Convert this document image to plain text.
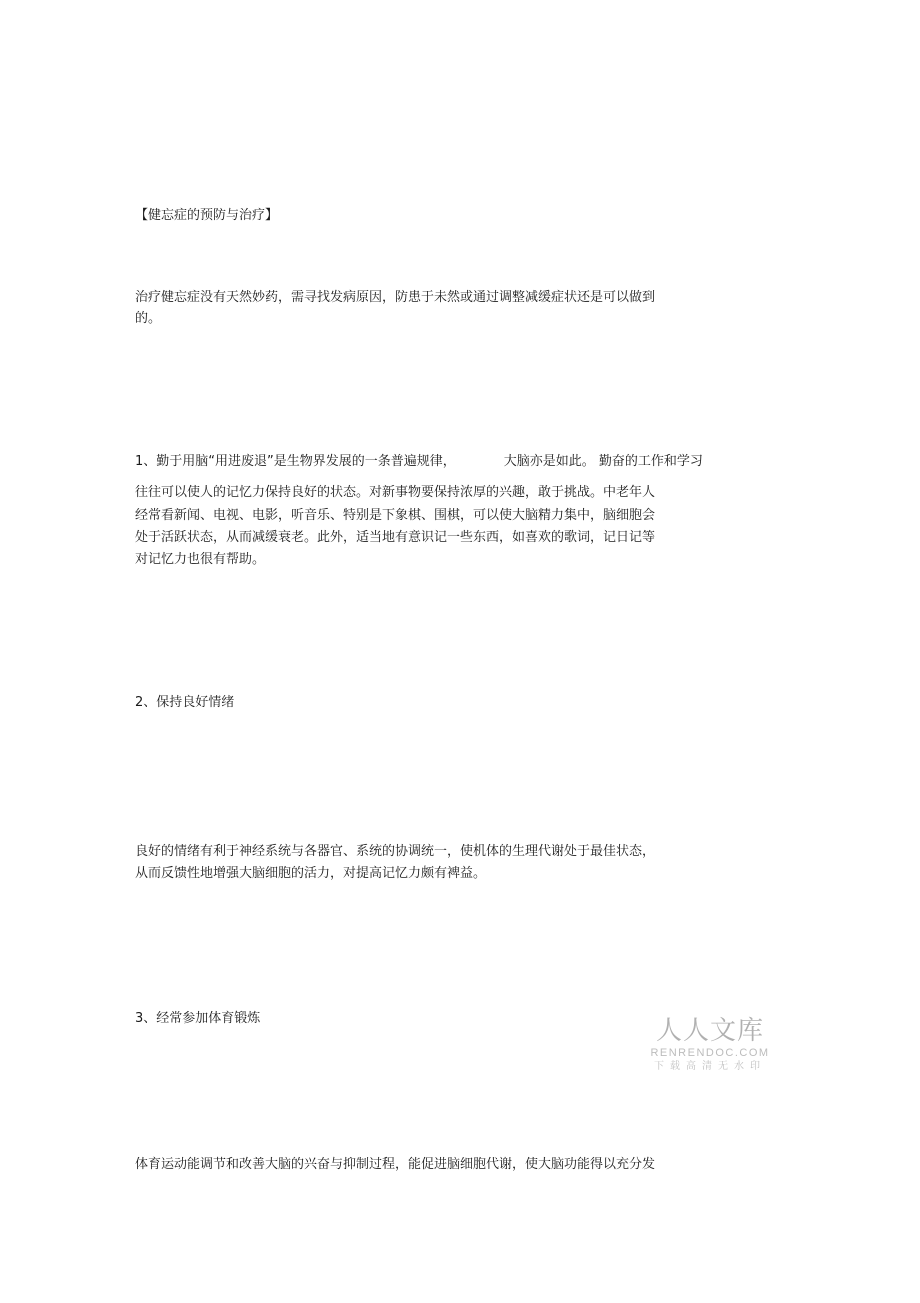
【健忘症的预防与治疗】
治疗健忘症没有天然妙药，需寻找发病原因，防患于未然或通过调整减缓症状还是可以做到
的。
1、勤于用脑“用进废退”是生物界发展的一条普遍规律，	大脑亦是如此。 勤奋的工作和学习
往往可以使人的记忆力保持良好的状态。对新事物要保持浓厚的兴趣，敢于挑战。中老年人
经常看新闻、电视、电影，听音乐、特别是下象棋、围棋，可以使大脑精力集中，脑细胞会
处于活跃状态，从而减缓衰老。此外，适当地有意识记一些东西，如喜欢的歌词，记日记等
对记忆力也很有帮助。
2、保持良好情绪
良好的情绪有利于神经系统与各器官、系统的协调统一，使机体的生理代谢处于最佳状态，
从而反馈性地增强大脑细胞的活力，对提高记忆力颇有裨益。
3、经常参加体育锻炼
体育运动能调节和改善大脑的兴奋与抑制过程，能促进脑细胞代谢，使大脑功能得以充分发
人人文库
RENRENDOC.COM
下载高清无水印
